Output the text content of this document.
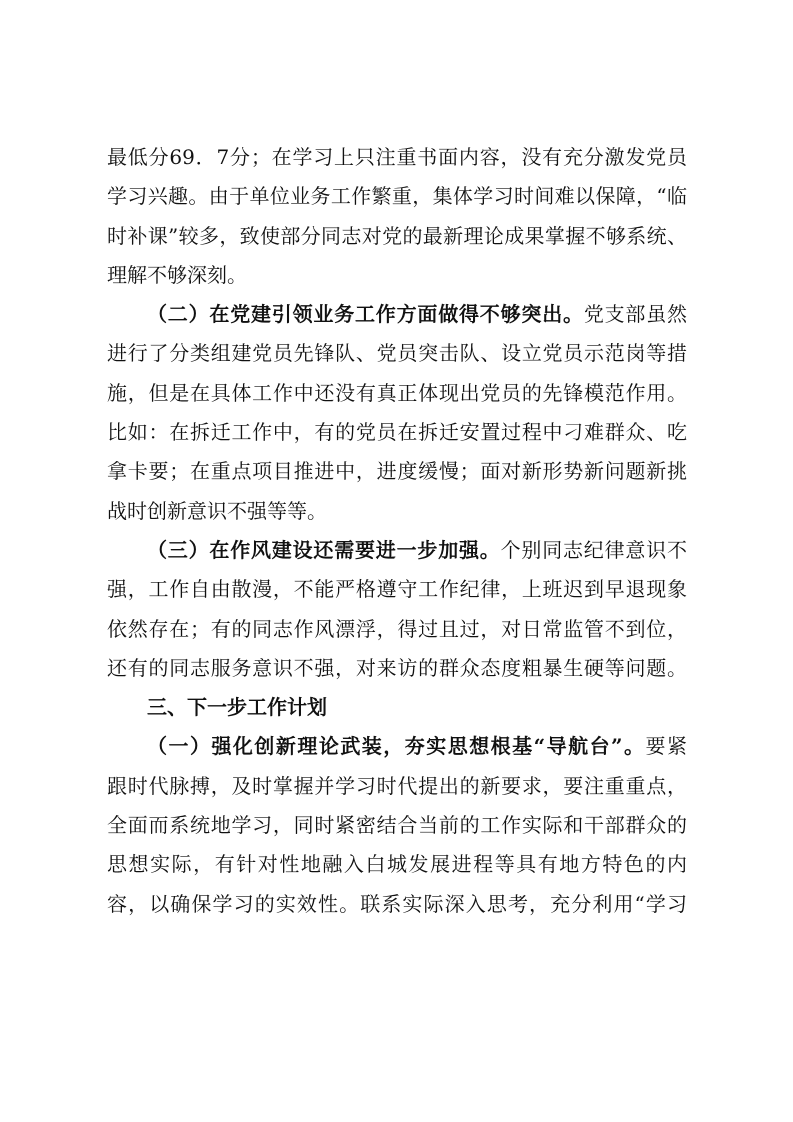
最低分69．7分；在学习上只注重书面内容，没有充分激发党员
学习兴趣。由于单位业务工作繁重，集体学习时间难以保障，“临
时补课”较多，致使部分同志对党的最新理论成果掌握不够系统、
理解不够深刻。
（二）在党建引领业务工作方面做得不够突出。党支部虽然
进行了分类组建党员先锋队、党员突击队、设立党员示范岗等措
施，但是在具体工作中还没有真正体现出党员的先锋模范作用。
比如：在拆迁工作中，有的党员在拆迁安置过程中刁难群众、吃
拿卡要；在重点项目推进中，进度缓慢；面对新形势新问题新挑
战时创新意识不强等等。
（三）在作风建设还需要进一步加强。个别同志纪律意识不
强，工作自由散漫，不能严格遵守工作纪律，上班迟到早退现象
依然存在；有的同志作风漂浮，得过且过，对日常监管不到位，
还有的同志服务意识不强，对来访的群众态度粗暴生硬等问题。
三、下一步工作计划
（一）强化创新理论武装，夯实思想根基“导航台”。要紧
跟时代脉搏，及时掌握并学习时代提出的新要求，要注重重点，
全面而系统地学习，同时紧密结合当前的工作实际和干部群众的
思想实际，有针对性地融入白城发展进程等具有地方特色的内
容，以确保学习的实效性。联系实际深入思考，充分利用“学习
